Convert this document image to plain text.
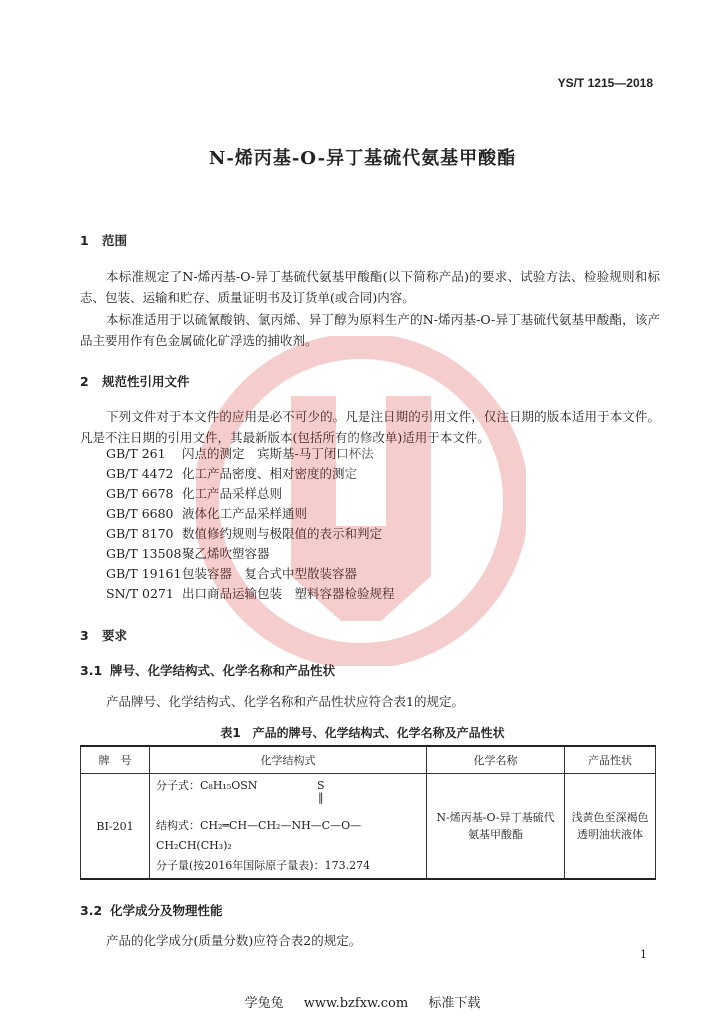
YS/T 1215—2018
N-烯丙基-O-异丁基硫代氨基甲酸酯
1 范围
本标准规定了N-烯丙基-O-异丁基硫代氨基甲酸酯(以下简称产品)的要求、试验方法、检验规则和标志、包装、运输和贮存、质量证明书及订货单(或合同)内容。
本标准适用于以硫氰酸钠、氯丙烯、异丁醇为原料生产的N-烯丙基-O-异丁基硫代氨基甲酸酯，该产品主要用作有色金属硫化矿浮选的捕收剂。
2 规范性引用文件
下列文件对于本文件的应用是必不可少的。凡是注日期的引用文件，仅注日期的版本适用于本文件。凡是不注日期的引用文件，其最新版本(包括所有的修改单)适用于本文件。
GB/T 261 闪点的测定　宾斯基-马丁闭口杯法
GB/T 4472 化工产品密度、相对密度的测定
GB/T 6678 化工产品采样总则
GB/T 6680 液体化工产品采样通则
GB/T 8170 数值修约规则与极限值的表示和判定
GB/T 13508聚乙烯吹塑容器
GB/T 19161包装容器　复合式中型散装容器
SN/T 0271 出口商品运输包装　塑料容器检验规程
3 要求
3.1 牌号、化学结构式、化学名称和产品性状
产品牌号、化学结构式、化学名称和产品性状应符合表1的规定。
表1　产品的牌号、化学结构式、化学名称及产品性状
牌　号	化学结构式	化学名称	产品性状
BI-201	分子式：C₈H₁₅OSN S
‖
结构式：CH₂═CH—CH₂—NH—C—O—CH₂CH(CH₃)₂
分子量(按2016年国际原子量表)：173.274	N-烯丙基-O-异丁基硫代氨基甲酸酯	浅黄色至深褐色透明油状液体
3.2 化学成分及物理性能
产品的化学成分(质量分数)应符合表2的规定。
1
学兔兔 www.bzfxw.com 标准下载
